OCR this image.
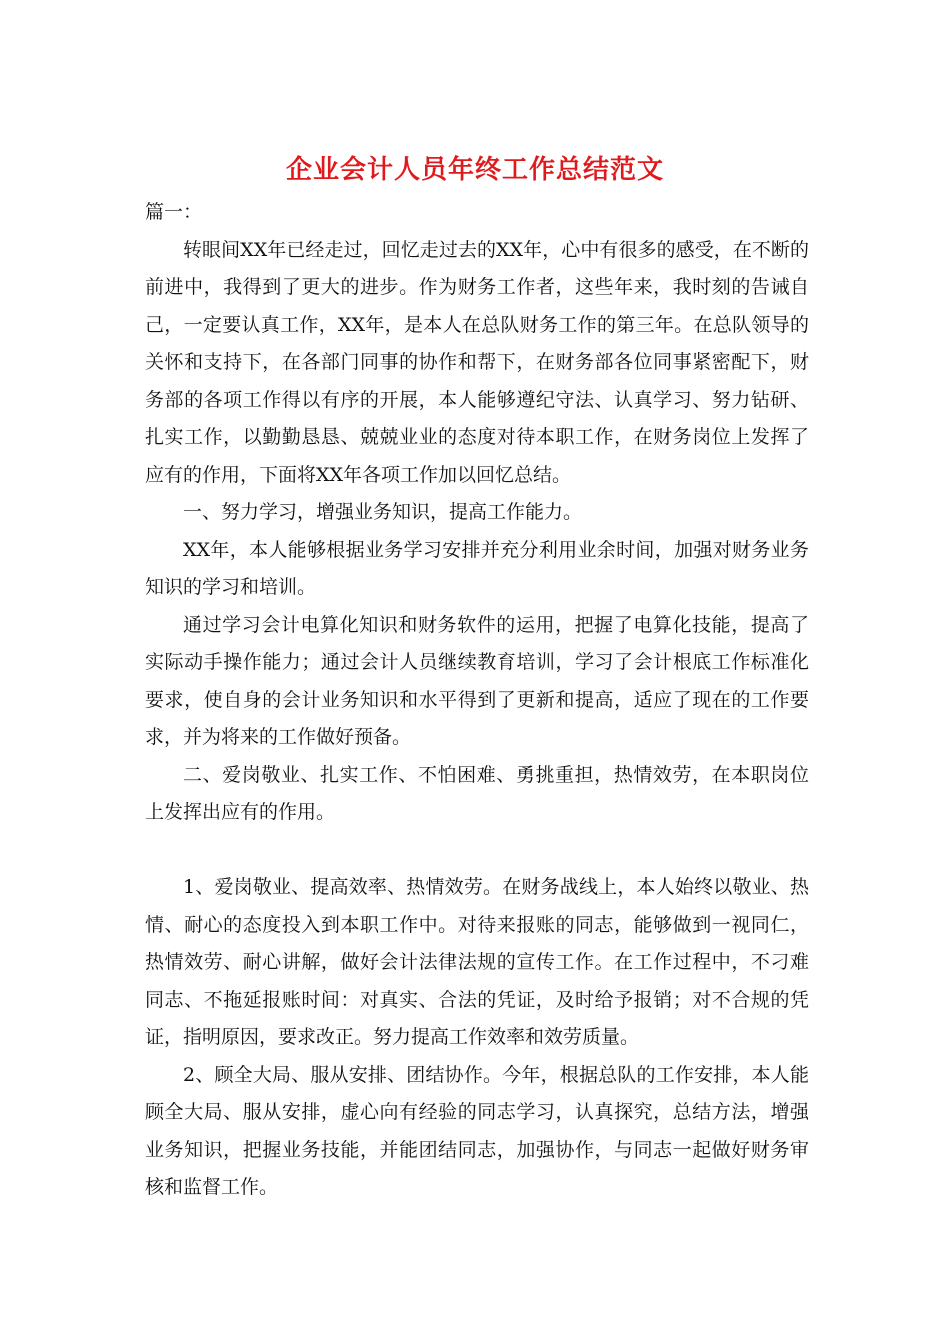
企业会计人员年终工作总结范文

篇一：

转眼间XX年已经走过，回忆走过去的XX年，心中有很多的感受，在不断的前进中，我得到了更大的进步。作为财务工作者，这些年来，我时刻的告诫自己，一定要认真工作，XX年，是本人在总队财务工作的第三年。在总队领导的关怀和支持下，在各部门同事的协作和帮下，在财务部各位同事紧密配下，财务部的各项工作得以有序的开展，本人能够遵纪守法、认真学习、努力钻研、扎实工作，以勤勤恳恳、兢兢业业的态度对待本职工作，在财务岗位上发挥了应有的作用，下面将XX年各项工作加以回忆总结。

一、努力学习，增强业务知识，提高工作能力。

XX年，本人能够根据业务学习安排并充分利用业余时间，加强对财务业务知识的学习和培训。

通过学习会计电算化知识和财务软件的运用，把握了电算化技能，提高了实际动手操作能力；通过会计人员继续教育培训，学习了会计根底工作标准化要求，使自身的会计业务知识和水平得到了更新和提高，适应了现在的工作要求，并为将来的工作做好预备。

二、爱岗敬业、扎实工作、不怕困难、勇挑重担，热情效劳，在本职岗位上发挥出应有的作用。

1、爱岗敬业、提高效率、热情效劳。在财务战线上，本人始终以敬业、热情、耐心的态度投入到本职工作中。对待来报账的同志，能够做到一视同仁，热情效劳、耐心讲解，做好会计法律法规的宣传工作。在工作过程中，不刁难同志、不拖延报账时间：对真实、合法的凭证，及时给予报销；对不合规的凭证，指明原因，要求改正。努力提高工作效率和效劳质量。

2、顾全大局、服从安排、团结协作。今年，根据总队的工作安排，本人能顾全大局、服从安排，虚心向有经验的同志学习，认真探究，总结方法，增强业务知识，把握业务技能，并能团结同志，加强协作，与同志一起做好财务审核和监督工作。
